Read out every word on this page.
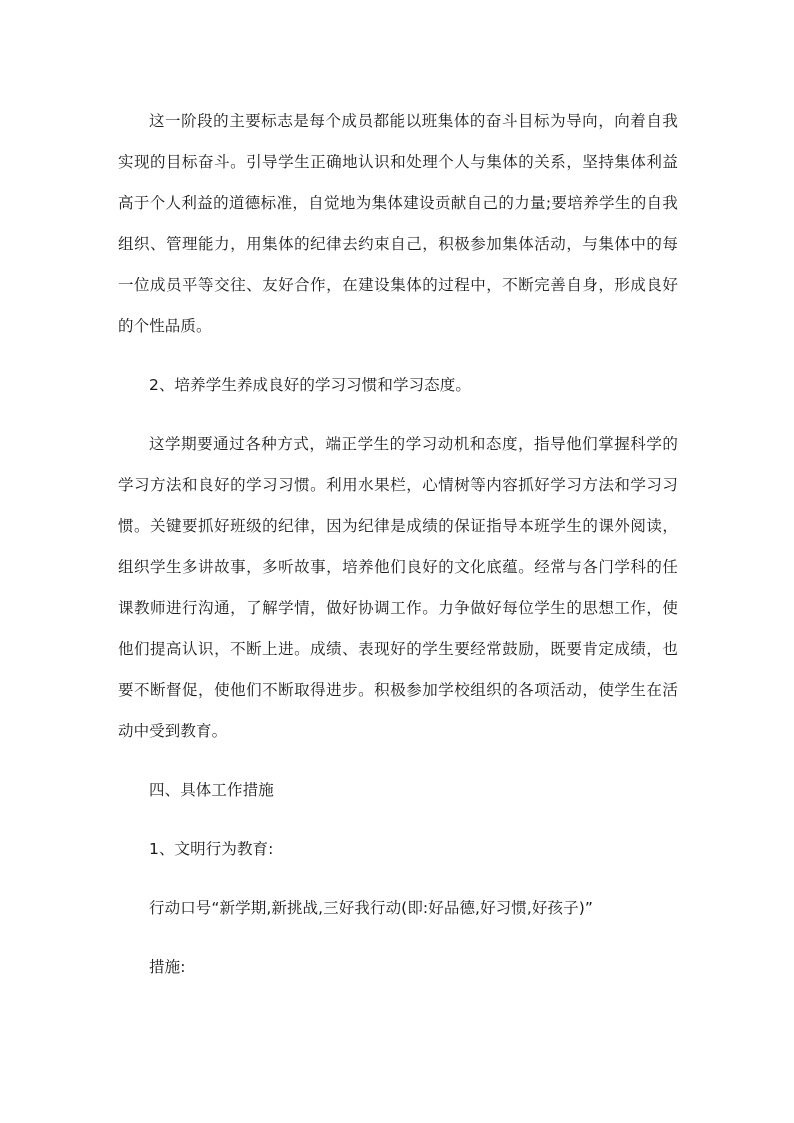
这一阶段的主要标志是每个成员都能以班集体的奋斗目标为导向，向着自我实现的目标奋斗。引导学生正确地认识和处理个人与集体的关系，坚持集体利益高于个人利益的道德标准，自觉地为集体建设贡献自己的力量;要培养学生的自我组织、管理能力，用集体的纪律去约束自己，积极参加集体活动，与集体中的每一位成员平等交往、友好合作，在建设集体的过程中，不断完善自身，形成良好的个性品质。

2、培养学生养成良好的学习习惯和学习态度。

这学期要通过各种方式，端正学生的学习动机和态度，指导他们掌握科学的学习方法和良好的学习习惯。利用水果栏，心情树等内容抓好学习方法和学习习惯。关键要抓好班级的纪律，因为纪律是成绩的保证指导本班学生的课外阅读，组织学生多讲故事，多听故事，培养他们良好的文化底蕴。经常与各门学科的任课教师进行沟通，了解学情，做好协调工作。力争做好每位学生的思想工作，使他们提高认识，不断上进。成绩、表现好的学生要经常鼓励，既要肯定成绩，也要不断督促，使他们不断取得进步。积极参加学校组织的各项活动，使学生在活动中受到教育。

四、具体工作措施

1、文明行为教育:

行动口号“新学期,新挑战,三好我行动(即:好品德,好习惯,好孩子)”

措施:
